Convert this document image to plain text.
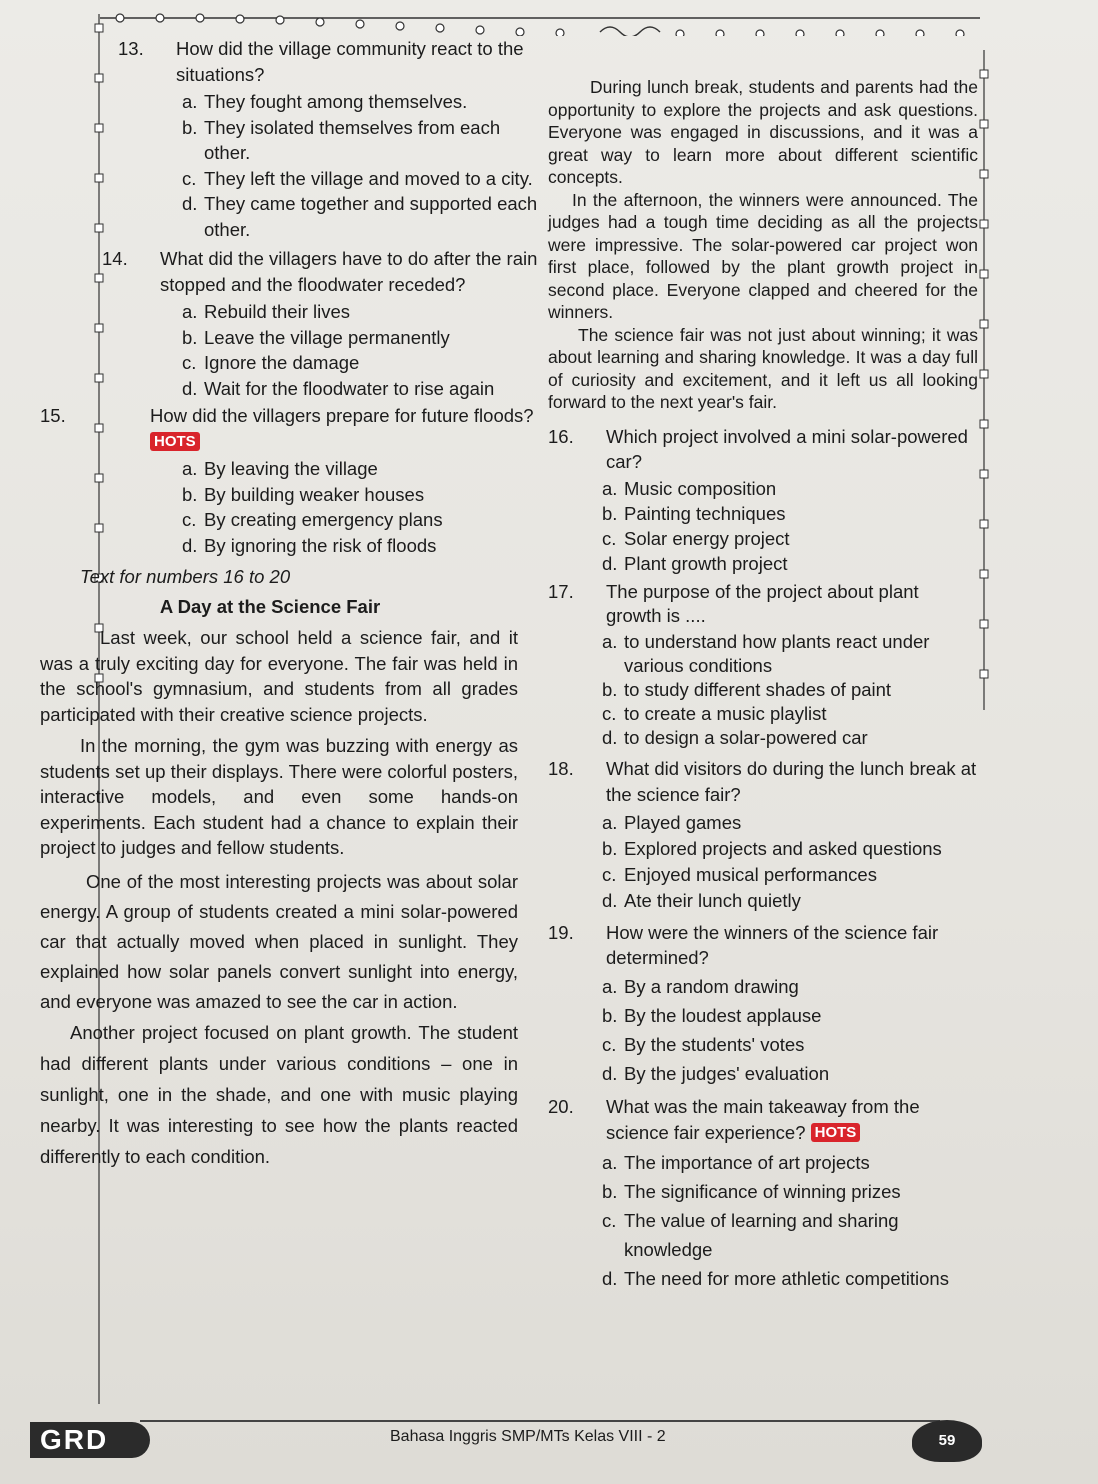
13.	How did the village community react to the situations?
a. They fought among themselves.
b. They isolated themselves from each other.
c. They left the village and moved to a city.
d. They came together and supported each other.
14.	What did the villagers have to do after the rain stopped and the floodwater receded?
a. Rebuild their lives
b. Leave the village permanently
c. Ignore the damage
d. Wait for the floodwater to rise again
15.	How did the villagers prepare for future floods? HOTS
a. By leaving the village
b. By building weaker houses
c. By creating emergency plans
d. By ignoring the risk of floods
Text for numbers 16 to 20
A Day at the Science Fair

Last week, our school held a science fair, and it was a truly exciting day for everyone. The fair was held in the school's gymnasium, and students from all grades participated with their creative science projects.

In the morning, the gym was buzzing with energy as students set up their displays. There were colorful posters, interactive models, and even some hands-on experiments. Each student had a chance to explain their project to judges and fellow students.

One of the most interesting projects was about solar energy. A group of students created a mini solar-powered car that actually moved when placed in sunlight. They explained how solar panels convert sunlight into energy, and everyone was amazed to see the car in action.

Another project focused on plant growth. The student had different plants under various conditions – one in sunlight, one in the shade, and one with music playing nearby. It was interesting to see how the plants reacted differently to each condition.

During lunch break, students and parents had the opportunity to explore the projects and ask questions. Everyone was engaged in discussions, and it was a great way to learn more about different scientific concepts.

In the afternoon, the winners were announced. The judges had a tough time deciding as all the projects were impressive. The solar-powered car project won first place, followed by the plant growth project in second place. Everyone clapped and cheered for the winners.

The science fair was not just about winning; it was about learning and sharing knowledge. It was a day full of curiosity and excitement, and it left us all looking forward to the next year's fair.

16.	Which project involved a mini solar-powered car?
a. Music composition
b. Painting techniques
c. Solar energy project
d. Plant growth project
17.	The purpose of the project about plant growth is ....
a. to understand how plants react under various conditions
b. to study different shades of paint
c. to create a music playlist
d. to design a solar-powered car
18.	What did visitors do during the lunch break at the science fair?
a. Played games
b. Explored projects and asked questions
c. Enjoyed musical performances
d. Ate their lunch quietly
19.	How were the winners of the science fair determined?
a. By a random drawing
b. By the loudest applause
c. By the students' votes
d. By the judges' evaluation
20.	What was the main takeaway from the science fair experience? HOTS
a. The importance of art projects
b. The significance of winning prizes
c. The value of learning and sharing knowledge
d. The need for more athletic competitions
GRD	Bahasa Inggris SMP/MTs Kelas VIII - 2	59
